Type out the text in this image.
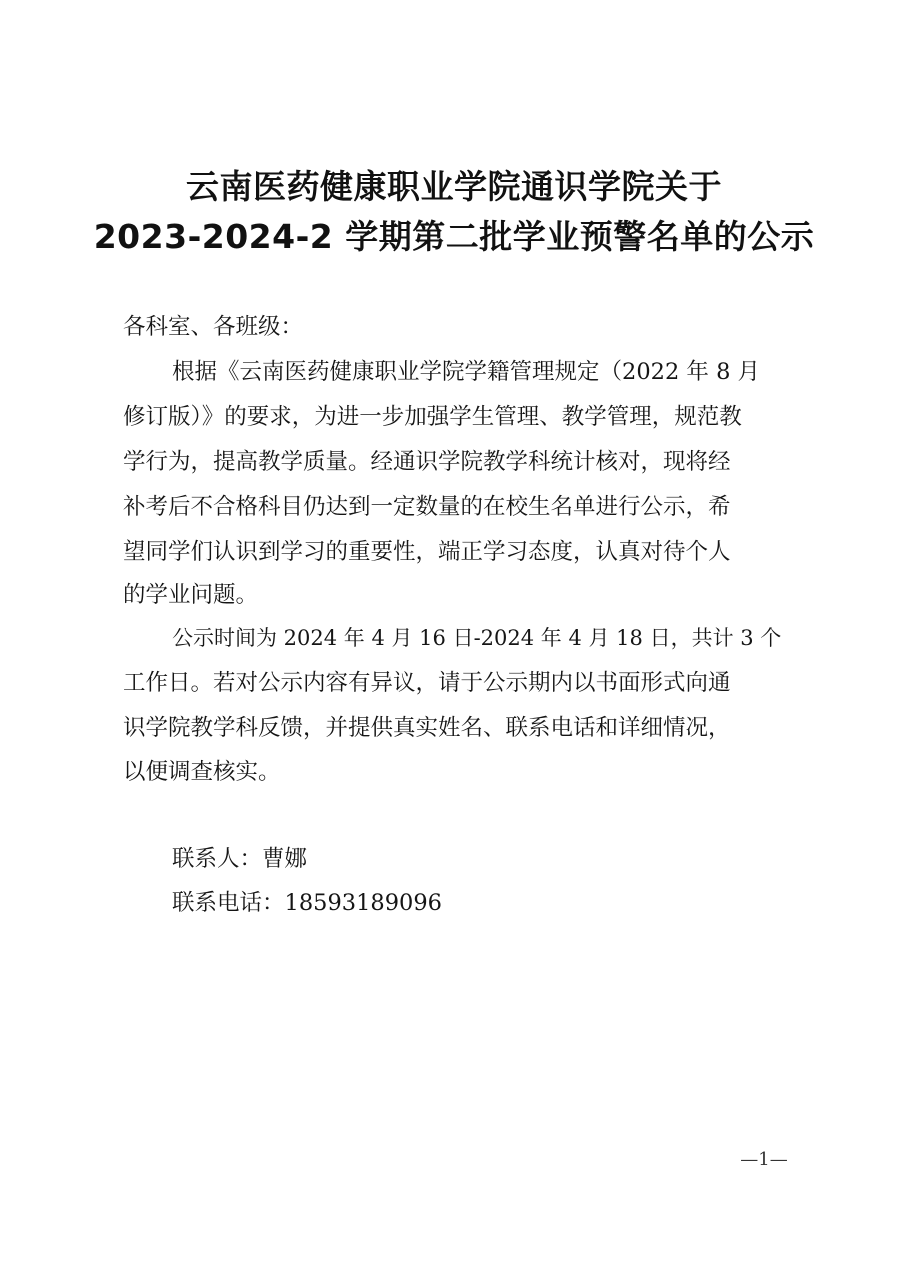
云南医药健康职业学院通识学院关于
2023-2024-2 学期第二批学业预警名单的公示
各科室、各班级：
根据《云南医药健康职业学院学籍管理规定（2022 年 8 月
修订版）》的要求，为进一步加强学生管理、教学管理，规范教
学行为，提高教学质量。经通识学院教学科统计核对，现将经
补考后不合格科目仍达到一定数量的在校生名单进行公示，希
望同学们认识到学习的重要性，端正学习态度，认真对待个人
的学业问题。
公示时间为 2024 年 4 月 16 日-2024 年 4 月 18 日，共计 3 个
工作日。若对公示内容有异议，请于公示期内以书面形式向通
识学院教学科反馈，并提供真实姓名、联系电话和详细情况，
以便调查核实。
联系人：曹娜
联系电话：18593189096
—1—
